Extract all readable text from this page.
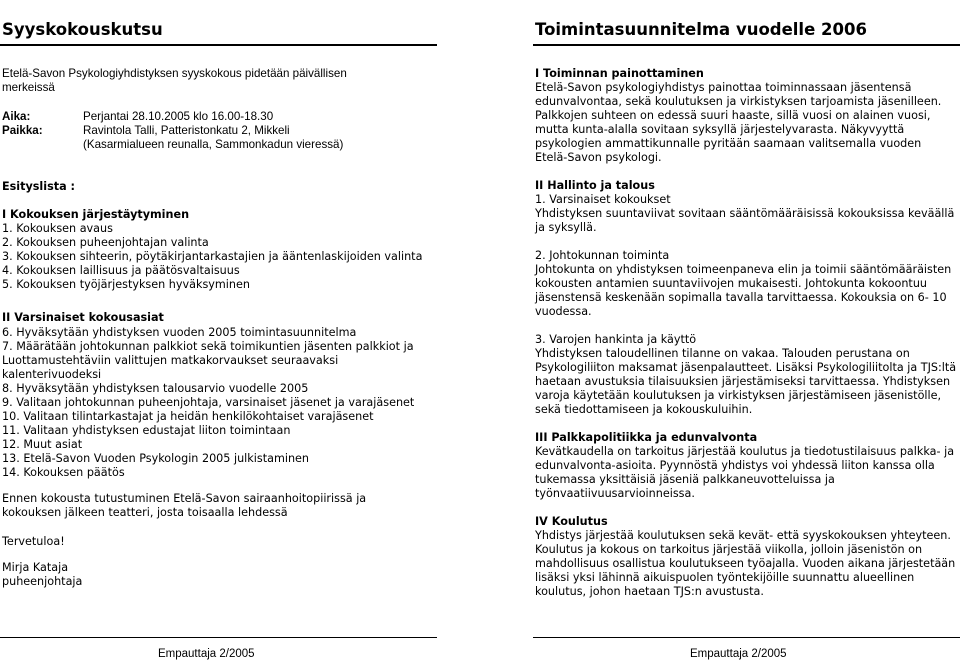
Syyskokouskutsu
Etelä-Savon Psykologiyhdistyksen syyskokous pidetään päivällisen merkeissä
Aika:	Perjantai 28.10.2005 klo 16.00-18.30
Paikka:	Ravintola Talli, Patteristonkatu 2, Mikkeli
(Kasarmialueen reunalla, Sammonkadun vieressä)
Esityslista :
I Kokouksen järjestäytyminen
1. Kokouksen avaus
2. Kokouksen puheenjohtajan valinta
3. Kokouksen sihteerin, pöytäkirjantarkastajien ja ääntenlaskijoiden valinta
4. Kokouksen laillisuus ja päätösvaltaisuus
5. Kokouksen työjärjestyksen hyväksyminen
II Varsinaiset kokousasiat
6. Hyväksytään yhdistyksen vuoden 2005 toimintasuunnitelma
7. Määrätään johtokunnan palkkiot sekä toimikuntien jäsenten palkkiot ja Luottamustehtäviin valittujen matkakorvaukset seuraavaksi kalenterivuodeksi
8. Hyväksytään yhdistyksen talousarvio vuodelle 2005
9. Valitaan johtokunnan puheenjohtaja, varsinaiset jäsenet ja varajäsenet
10. Valitaan tilintarkastajat ja heidän henkilökohtaiset varajäsenet
11. Valitaan yhdistyksen edustajat liiton toimintaan
12. Muut asiat
13. Etelä-Savon Vuoden Psykologin 2005 julkistaminen
14. Kokouksen päätös
Ennen kokousta tutustuminen Etelä-Savon sairaanhoitopiirissä ja kokouksen jälkeen teatteri, josta toisaalla lehdessä
Tervetuloa!
Mirja Kataja
puheenjohtaja
Empauttaja 2/2005
Toimintasuunnitelma vuodelle 2006

I Toiminnan painottaminen

Etelä-Savon psykologiyhdistys painottaa toiminnassaan jäsentensä edunvalvontaa, sekä koulutuksen ja virkistyksen tarjoamista jäsenilleen. Palkkojen suhteen on edessä suuri haaste, sillä vuosi on alainen vuosi, mutta kunta-alalla sovitaan syksyllä järjestelyvarasta. Näkyvyyttä psykologien ammattikunnalle pyritään saamaan valitsemalla vuoden Etelä-Savon psykologi.

II Hallinto ja talous

1. Varsinaiset kokoukset

Yhdistyksen suuntaviivat sovitaan sääntömääräisissä kokouksissa keväällä ja syksyllä.

2. Johtokunnan toiminta

Johtokunta on yhdistyksen toimeenpaneva elin ja toimii sääntömääräisten kokousten antamien suuntaviivojen mukaisesti. Johtokunta kokoontuu jäsenstensä keskenään sopimalla tavalla tarvittaessa. Kokouksia on 6- 10 vuodessa.

3. Varojen hankinta ja käyttö

Yhdistyksen taloudellinen tilanne on vakaa. Talouden perustana on Psykologiliiton maksamat jäsenpalautteet. Lisäksi Psykologiliitolta ja TJS:ltä haetaan avustuksia tilaisuuksien järjestämiseksi tarvittaessa. Yhdistyksen varoja käytetään koulutuksen ja virkistyksen järjestämiseen jäsenistölle, sekä tiedottamiseen ja kokouskuluihin.

III Palkkapolitiikka ja edunvalvonta

Kevätkaudella on tarkoitus järjestää koulutus ja tiedotustilaisuus palkka- ja edunvalvonta-asioita. Pyynnöstä yhdistys voi yhdessä liiton kanssa olla tukemassa yksittäisiä jäseniä palkkaneuvotteluissa ja työnvaatiivuusarvioinneissa.

IV Koulutus

Yhdistys järjestää koulutuksen sekä kevät- että syyskokouksen yhteyteen. Koulutus ja kokous on tarkoitus järjestää viikolla, jolloin jäsenistön on mahdollisuus osallistua koulutukseen työajalla. Vuoden aikana järjestetään lisäksi yksi lähinnä aikuispuolen työntekijöille suunnattu alueellinen koulutus, johon haetaan TJS:n avustusta.

Empauttaja 2/2005
